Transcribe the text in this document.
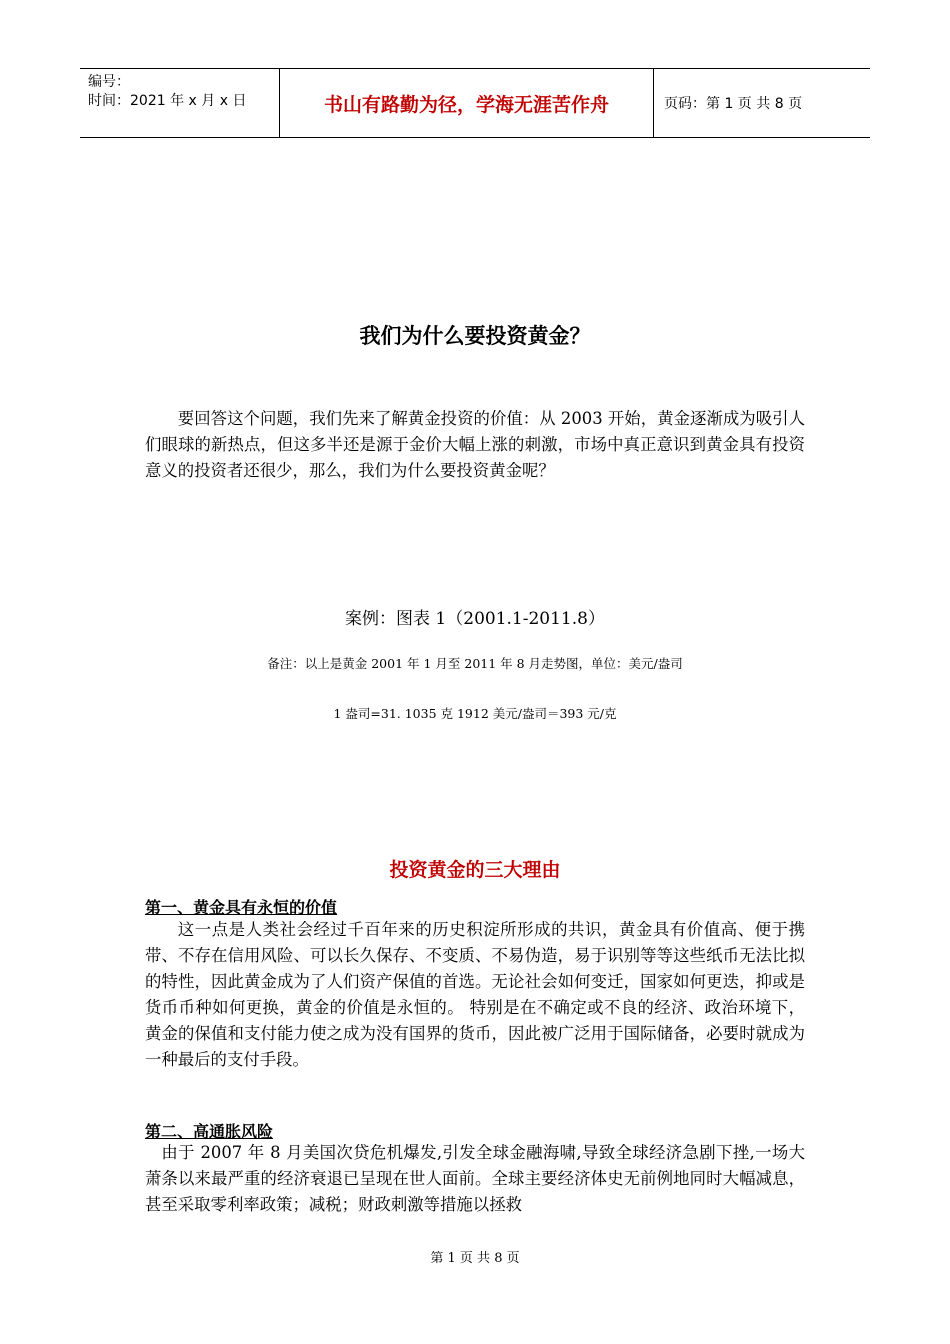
编号：
时间：2021 年 x 月 x 日	书山有路勤为径，学海无涯苦作舟	页码：第 1 页 共 8 页
我们为什么要投资黄金？
要回答这个问题，我们先来了解黄金投资的价值：从 2003 开始，黄金逐渐成为吸引人们眼球的新热点，但这多半还是源于金价大幅上涨的刺激，市场中真正意识到黄金具有投资意义的投资者还很少，那么，我们为什么要投资黄金呢？
案例：图表 1（2001.1-2011.8）
备注：以上是黄金 2001 年 1 月至 2011 年 8 月走势图，单位：美元/盎司
1 盎司=31. 1035 克 1912 美元/盎司＝393 元/克
投资黄金的三大理由
第一、黄金具有永恒的价值
这一点是人类社会经过千百年来的历史积淀所形成的共识，黄金具有价值高、便于携带、不存在信用风险、可以长久保存、不变质、不易伪造，易于识别等等这些纸币无法比拟的特性，因此黄金成为了人们资产保值的首选。无论社会如何变迁，国家如何更迭，抑或是货币币种如何更换，黄金的价值是永恒的。 特别是在不确定或不良的经济、政治环境下，黄金的保值和支付能力使之成为没有国界的货币，因此被广泛用于国际储备，必要时就成为一种最后的支付手段。
第二、高通胀风险
由于 2007 年 8 月美国次贷危机爆发,引发全球金融海啸,导致全球经济急剧下挫,一场大萧条以来最严重的经济衰退已呈现在世人面前。全球主要经济体史无前例地同时大幅减息，甚至采取零利率政策；减税；财政刺激等措施以拯救
第 1 页 共 8 页
